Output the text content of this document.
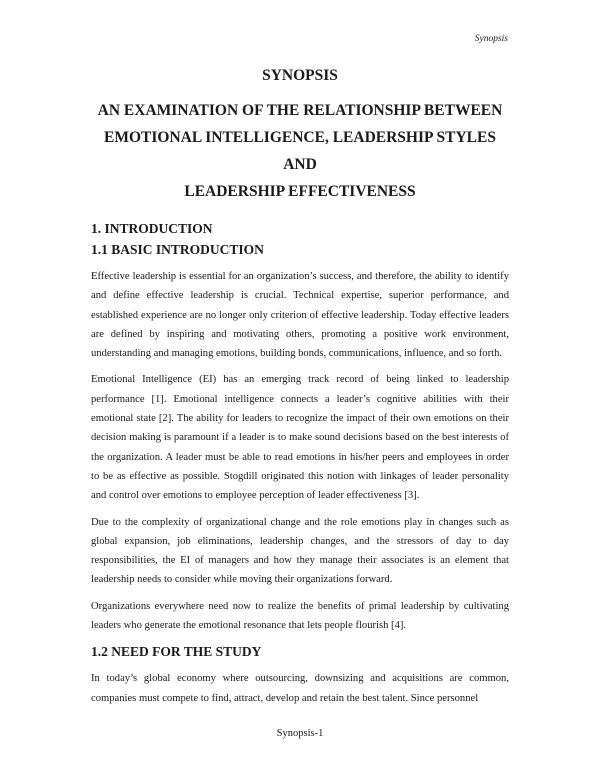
Synopsis
SYNOPSIS
AN EXAMINATION OF THE RELATIONSHIP BETWEEN
EMOTIONAL INTELLIGENCE, LEADERSHIP STYLES AND
LEADERSHIP EFFECTIVENESS
1. INTRODUCTION
1.1 BASIC INTRODUCTION

Effective leadership is essential for an organization’s success, and therefore, the ability to identify and define effective leadership is crucial. Technical expertise, superior performance, and established experience are no longer only criterion of effective leadership. Today effective leaders are defined by inspiring and motivating others, promoting a positive work environment, understanding and managing emotions, building bonds, communications, influence, and so forth.

Emotional Intelligence (EI) has an emerging track record of being linked to leadership performance [1]. Emotional intelligence connects a leader’s cognitive abilities with their emotional state [2]. The ability for leaders to recognize the impact of their own emotions on their decision making is paramount if a leader is to make sound decisions based on the best interests of the organization. A leader must be able to read emotions in his/her peers and employees in order to be as effective as possible. Stogdill originated this notion with linkages of leader personality and control over emotions to employee perception of leader effectiveness [3].

Due to the complexity of organizational change and the role emotions play in changes such as global expansion, job eliminations, leadership changes, and the stressors of day to day responsibilities, the EI of managers and how they manage their associates is an element that leadership needs to consider while moving their organizations forward.

Organizations everywhere need now to realize the benefits of primal leadership by cultivating leaders who generate the emotional resonance that lets people flourish [4].

1.2 NEED FOR THE STUDY

In today’s global economy where outsourcing, downsizing and acquisitions are common, companies must compete to find, attract, develop and retain the best talent. Since personnel

Synopsis-1
